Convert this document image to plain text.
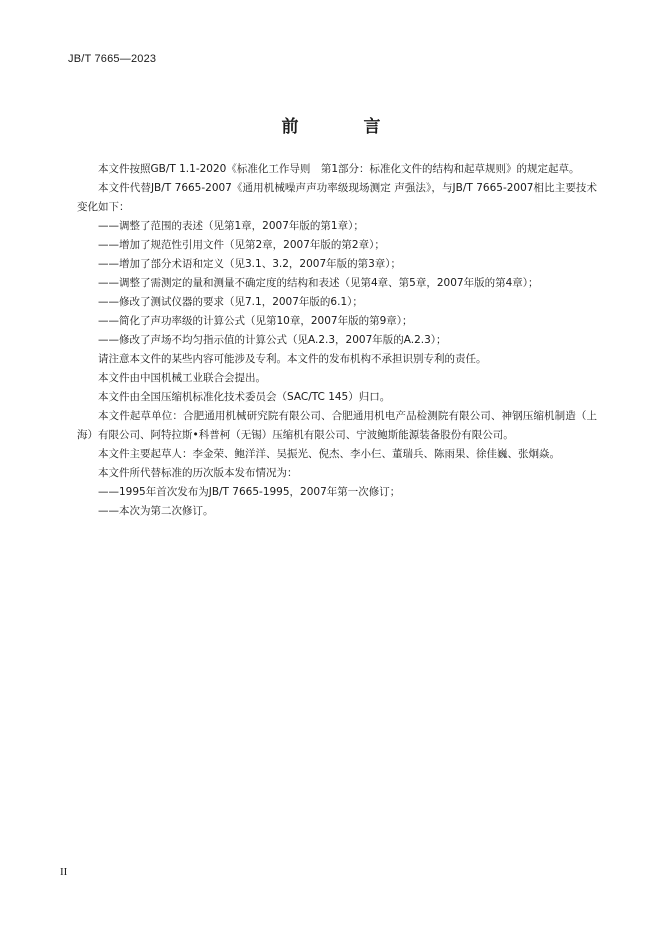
JB/T 7665—2023
前　言

本文件按照GB/T 1.1-2020《标准化工作导则　第1部分：标准化文件的结构和起草规则》的规定起草。

本文件代替JB/T 7665-2007《通用机械噪声声功率级现场测定 声强法》，与JB/T 7665-2007相比主要技术变化如下：

——调整了范围的表述（见第1章，2007年版的第1章）；

——增加了规范性引用文件（见第2章，2007年版的第2章）；

——增加了部分术语和定义（见3.1、3.2，2007年版的第3章）；

——调整了需测定的量和测量不确定度的结构和表述（见第4章、第5章，2007年版的第4章）；

——修改了测试仪器的要求（见7.1，2007年版的6.1）；

——简化了声功率级的计算公式（见第10章，2007年版的第9章）；

——修改了声场不均匀指示值的计算公式（见A.2.3，2007年版的A.2.3）；

请注意本文件的某些内容可能涉及专利。本文件的发布机构不承担识别专利的责任。

本文件由中国机械工业联合会提出。

本文件由全国压缩机标准化技术委员会（SAC/TC 145）归口。

本文件起草单位：合肥通用机械研究院有限公司、合肥通用机电产品检测院有限公司、神钢压缩机制造（上海）有限公司、阿特拉斯•科普柯（无锡）压缩机有限公司、宁波鲍斯能源装备股份有限公司。

本文件主要起草人：李金荣、鲍洋洋、吴振光、倪杰、李小仨、董瑞兵、陈雨果、徐佳巍、张炯焱。

本文件所代替标准的历次版本发布情况为：

——1995年首次发布为JB/T 7665-1995，2007年第一次修订；

——本次为第二次修订。

II
